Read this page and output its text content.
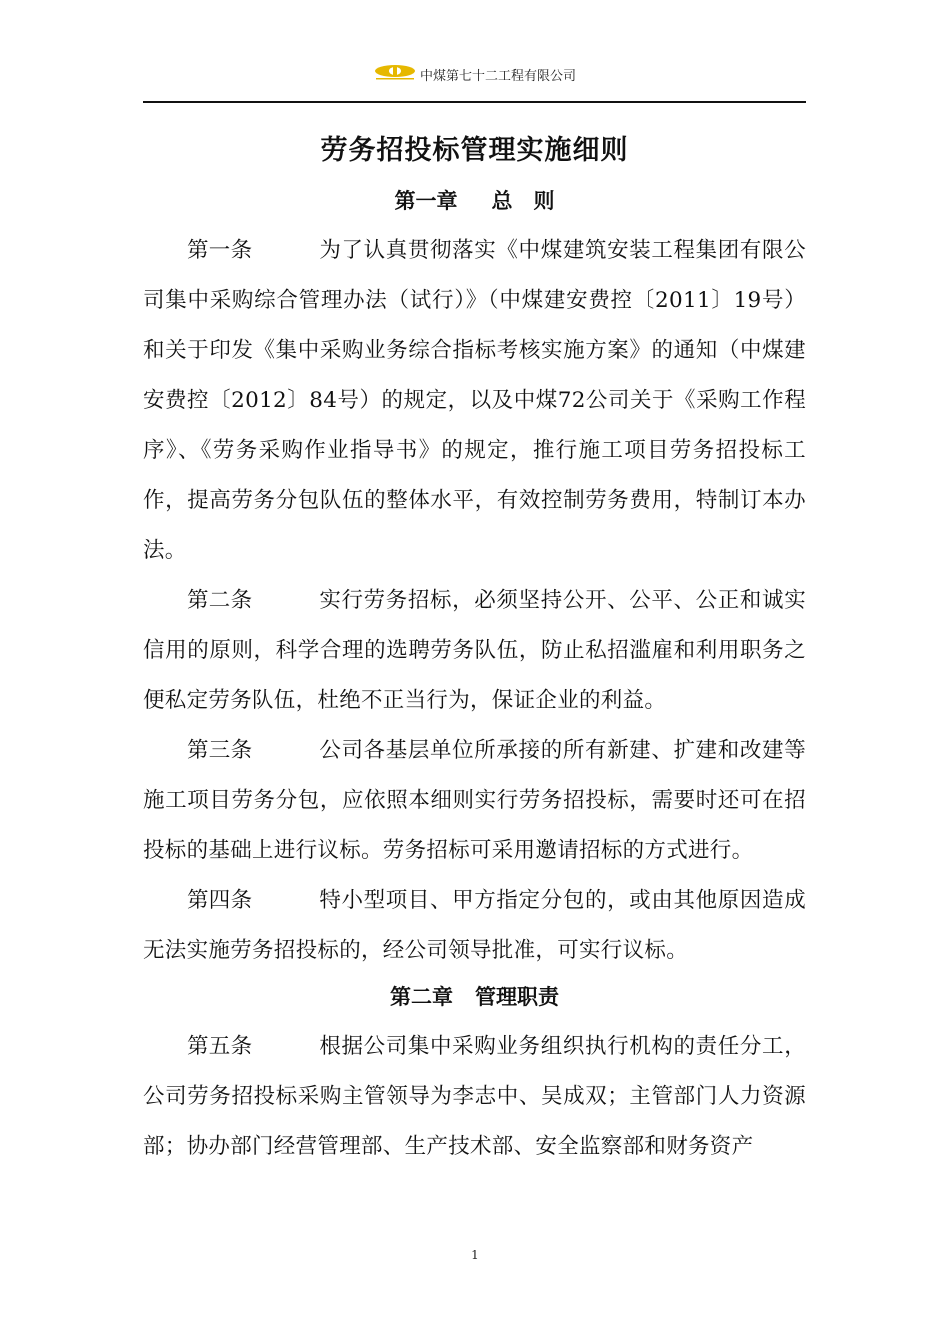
中煤第七十二工程有限公司
劳务招投标管理实施细则
第一章 总　则

第一条	为了认真贯彻落实《中煤建筑安装工程集团有限公司集中采购综合管理办法（试行）》（中煤建安费控〔2011〕19号）和关于印发《集中采购业务综合指标考核实施方案》的通知（中煤建安费控〔2012〕84号）的规定，以及中煤72公司关于《采购工作程序》、《劳务采购作业指导书》的规定，推行施工项目劳务招投标工作，提高劳务分包队伍的整体水平，有效控制劳务费用，特制订本办法。

第二条	实行劳务招标，必须坚持公开、公平、公正和诚实信用的原则，科学合理的选聘劳务队伍，防止私招滥雇和利用职务之便私定劳务队伍，杜绝不正当行为，保证企业的利益。

第三条	公司各基层单位所承接的所有新建、扩建和改建等施工项目劳务分包，应依照本细则实行劳务招投标，需要时还可在招投标的基础上进行议标。劳务招标可采用邀请招标的方式进行。

第四条	特小型项目、甲方指定分包的，或由其他原因造成无法实施劳务招投标的，经公司领导批准，可实行议标。

第二章 管理职责

第五条	根据公司集中采购业务组织执行机构的责任分工，公司劳务招投标采购主管领导为李志中、吴成双；主管部门人力资源部；协办部门经营管理部、生产技术部、安全监察部和财务资产

1
